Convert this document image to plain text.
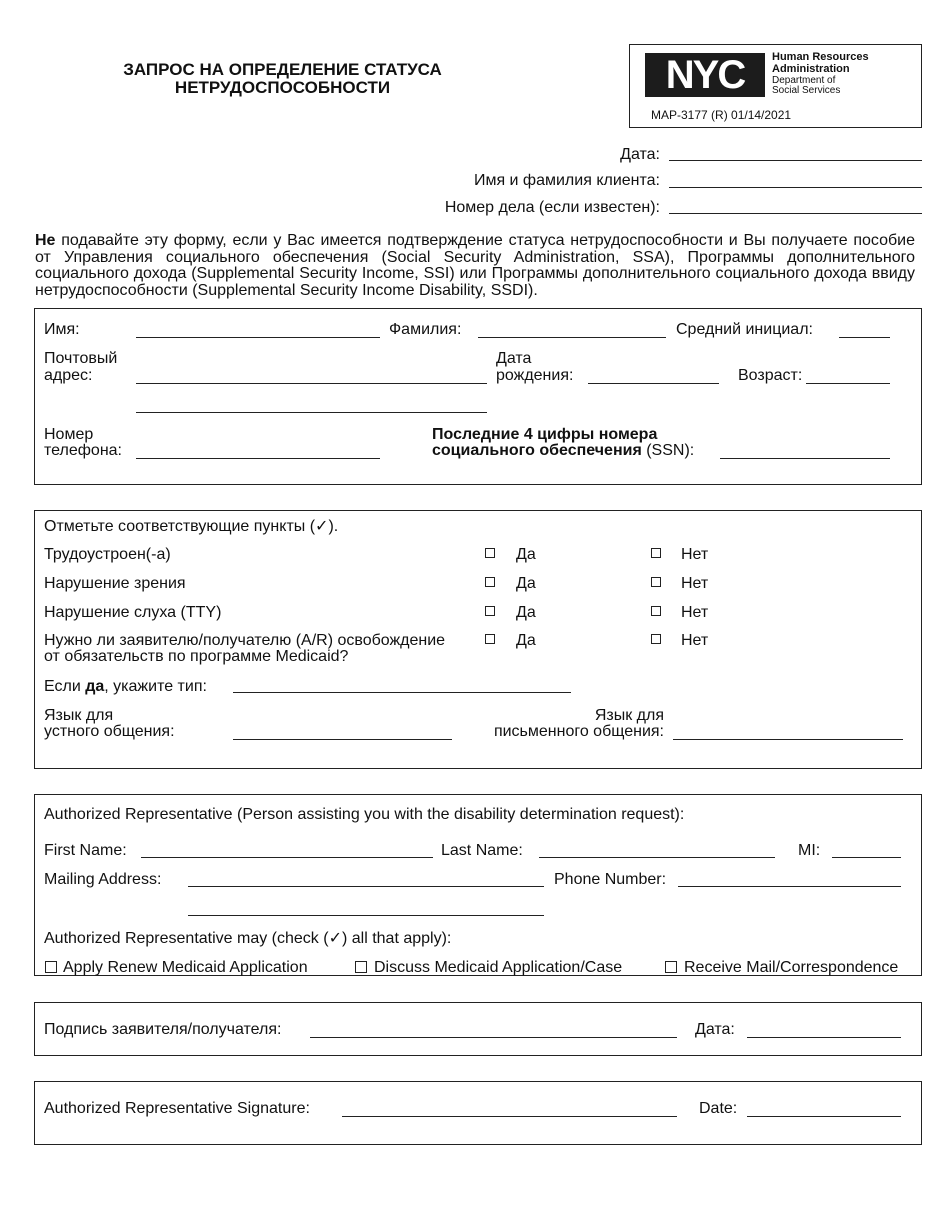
ЗАПРОС НА ОПРЕДЕЛЕНИЕ СТАТУСА
НЕТРУДОСПОСОБНОСТИ	NYC	Human Resources
Administration
Department of
Social Services
MAP-3177 (R) 01/14/2021
Дата:
Имя и фамилия клиента:
Номер дела (если известен):
Не подавайте эту форму, если у Вас имеется подтверждение статуса нетрудоспособности и Вы получаете пособие от Управления социального обеспечения (Social Security Administration, SSA), Программы дополнительного социального дохода (Supplemental Security Income, SSI) или Программы дополнительного социального дохода ввиду нетрудоспособности (Supplemental Security Income Disability, SSDI).
Имя:	Фамилия:	Средний инициал:
Почтовый
адрес:
Дата
рождения:	Возраст:
Номер
телефона:
Последние 4 цифры номера
социального обеспечения (SSN):
Отметьте соответствующие пункты (✓).
Трудоустроен(-а)	Да	Нет
Нарушение зрения	Да	Нет
Нарушение слуха (TTY)	Да	Нет
Нужно ли заявителю/получателю (A/R) освобождение
от обязательств по программе Medicaid?
Да	Нет
Если да, укажите тип:
Язык для
устного общения:
Язык для
письменного общения:
Authorized Representative (Person assisting you with the disability determination request):
First Name:	Last Name:	MI:
Mailing Address:	Phone Number:
Authorized Representative may (check (✓) all that apply):
Apply Renew Medicaid Application	Discuss Medicaid Application/Case	Receive Mail/Correspondence
Подпись заявителя/получателя:	Дата:
Authorized Representative Signature:	Date:
